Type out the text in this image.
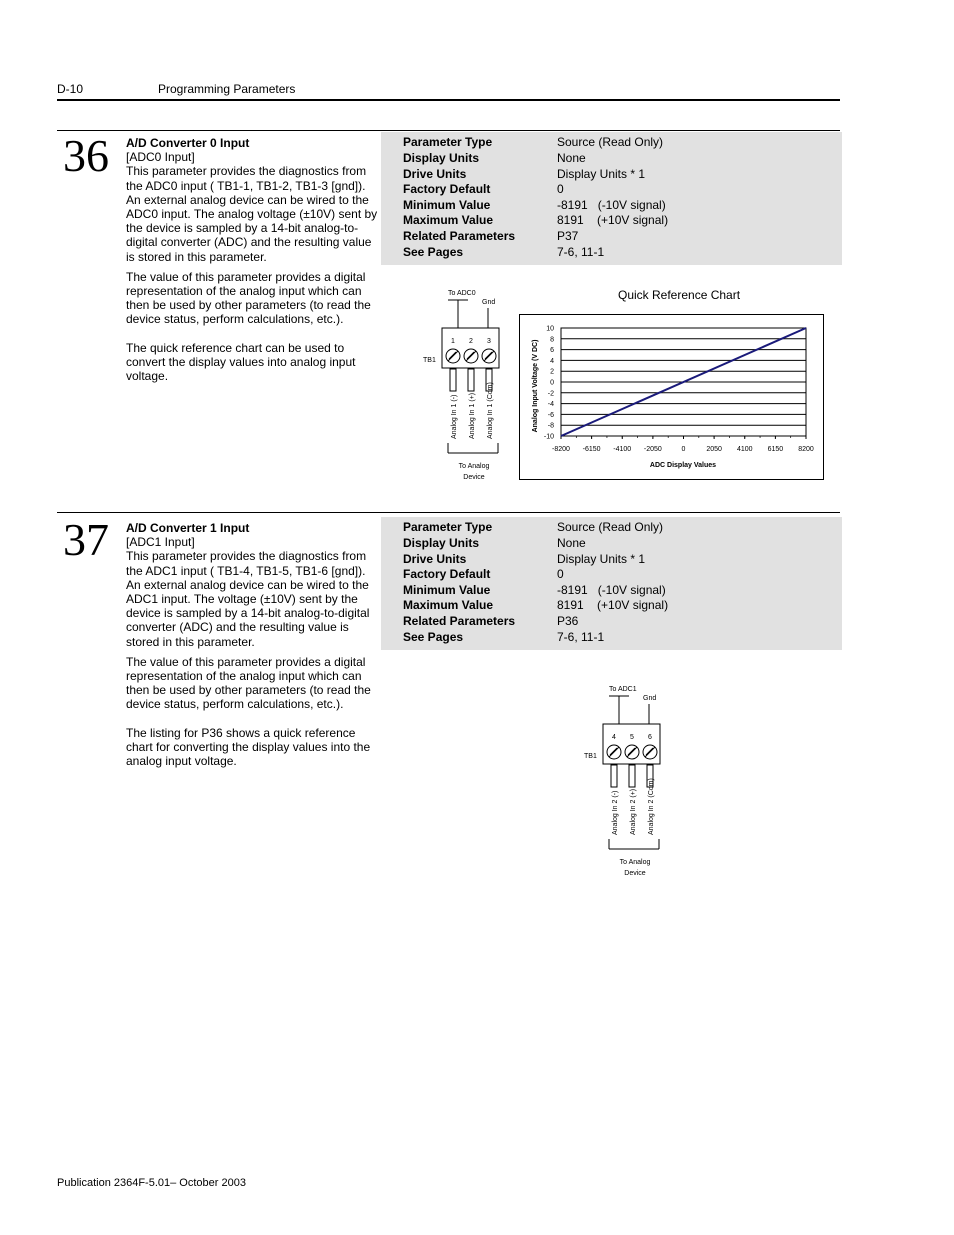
D-10	Programming Parameters
36 A/D Converter 0 Input

[ADC0 Input]

This parameter provides the diagnostics from the ADC0 input ( TB1-1, TB1-2, TB1-3 [gnd]). An external analog device can be wired to the ADC0 input. The analog voltage (±10V) sent by the device is sampled by a 14-bit analog-to-digital converter (ADC) and the resulting value is stored in this parameter.

The value of this parameter provides a digital representation of the analog input which can then be used by other parameters (to read the device status, perform calculations, etc.).

The quick reference chart can be used to convert the display values into analog input voltage.

Parameter Type	Source (Read Only)
Display Units	None
Drive Units	Display Units * 1
Factory Default	0
Minimum Value	-8191   (-10V signal)
Maximum Value	8191    (+10V signal)
Related Parameters	P37
See Pages	7-6, 11-1
To ADC0
Gnd
TB1
1 2 3
Analog In 1 (-) Analog In 1 (+) Analog In 1 (Com)
To Analog
Device
Quick Reference Chart
10
8
6
4
2
0
-2
-4
-6
-8
-10
-8200 -6150 -4100 -2050	0	2050 4100 6150 8200
ADC Display Values
Analog Input Voltage (V DC)
37 A/D Converter 1 Input

[ADC1 Input]

This parameter provides the diagnostics from the ADC1 input ( TB1-4, TB1-5, TB1-6 [gnd]). An external analog device can be wired to the ADC1 input. The voltage (±10V) sent by the device is sampled by a 14-bit analog-to-digital converter (ADC) and the resulting value is stored in this parameter.

The value of this parameter provides a digital representation of the analog input which can then be used by other parameters (to read the device status, perform calculations, etc.).

The listing for P36 shows a quick reference chart for converting the display values into the analog input voltage.

Parameter Type	Source (Read Only)
Display Units	None
Drive Units	Display Units * 1
Factory Default	0
Minimum Value	-8191   (-10V signal)
Maximum Value	8191    (+10V signal)
Related Parameters	P36
See Pages	7-6, 11-1
To ADC1
Gnd
TB1
4 5 6
Analog In 2 (-) Analog In 2 (+) Analog In 2 (Com)
To Analog
Device
Publication 2364F-5.01– October 2003
